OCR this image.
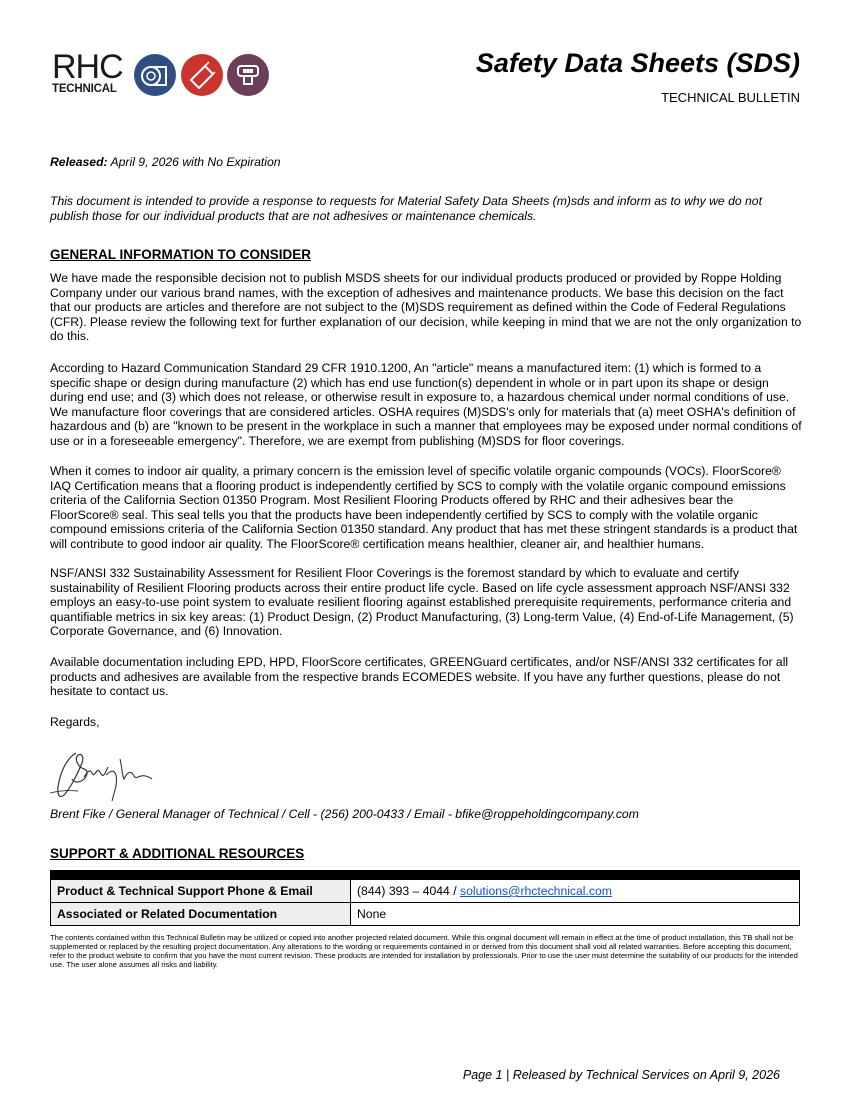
RHC
TECHNICAL
Safety Data Sheets (SDS)
TECHNICAL BULLETIN
Released: April 9, 2026 with No Expiration
This document is intended to provide a response to requests for Material Safety Data Sheets (m)sds and inform as to why we do not publish those for our individual products that are not adhesives or maintenance chemicals.
GENERAL INFORMATION TO CONSIDER
We have made the responsible decision not to publish MSDS sheets for our individual products produced or provided by Roppe Holding Company under our various brand names, with the exception of adhesives and maintenance products. We base this decision on the fact that our products are articles and therefore are not subject to the (M)SDS requirement as defined within the Code of Federal Regulations (CFR). Please review the following text for further explanation of our decision, while keeping in mind that we are not the only organization to do this.
According to Hazard Communication Standard 29 CFR 1910.1200, An "article" means a manufactured item: (1) which is formed to a specific shape or design during manufacture (2) which has end use function(s) dependent in whole or in part upon its shape or design during end use; and (3) which does not release, or otherwise result in exposure to, a hazardous chemical under normal conditions of use. We manufacture floor coverings that are considered articles. OSHA requires (M)SDS's only for materials that (a) meet OSHA's definition of hazardous and (b) are "known to be present in the workplace in such a manner that employees may be exposed under normal conditions of use or in a foreseeable emergency". Therefore, we are exempt from publishing (M)SDS for floor coverings.
When it comes to indoor air quality, a primary concern is the emission level of specific volatile organic compounds (VOCs). FloorScore® IAQ Certification means that a flooring product is independently certified by SCS to comply with the volatile organic compound emissions criteria of the California Section 01350 Program. Most Resilient Flooring Products offered by RHC and their adhesives bear the FloorScore® seal. This seal tells you that the products have been independently certified by SCS to comply with the volatile organic compound emissions criteria of the California Section 01350 standard. Any product that has met these stringent standards is a product that will contribute to good indoor air quality. The FloorScore® certification means healthier, cleaner air, and healthier humans.
NSF/ANSI 332 Sustainability Assessment for Resilient Floor Coverings is the foremost standard by which to evaluate and certify sustainability of Resilient Flooring products across their entire product life cycle. Based on life cycle assessment approach NSF/ANSI 332 employs an easy-to-use point system to evaluate resilient flooring against established prerequisite requirements, performance criteria and quantifiable metrics in six key areas: (1) Product Design, (2) Product Manufacturing, (3) Long-term Value, (4) End-of-Life Management, (5) Corporate Governance, and (6) Innovation.
Available documentation including EPD, HPD, FloorScore certificates, GREENGuard certificates, and/or NSF/ANSI 332 certificates for all products and adhesives are available from the respective brands ECOMEDES website. If you have any further questions, please do not hesitate to contact us.
Regards,
Brent Fike / General Manager of Technical / Cell - (256) 200-0433 / Email - bfike@roppeholdingcompany.com
SUPPORT & ADDITIONAL RESOURCES
Product & Technical Support Phone & Email	(844) 393 – 4044 / solutions@rhctechnical.com
Associated or Related Documentation	None
The contents contained within this Technical Bulletin may be utilized or copied into another projected related document. While this original document will remain in effect at the time of product installation, this TB shall not be supplemented or replaced by the resulting project documentation. Any alterations to the wording or requirements contained in or derived from this document shall void all related warranties. Before accepting this document, refer to the product website to confirm that you have the most current revision. These products are intended for installation by professionals. Prior to use the user must determine the suitability of our products for the intended use. The user alone assumes all risks and liability.
Page 1 | Released by Technical Services on April 9, 2026
